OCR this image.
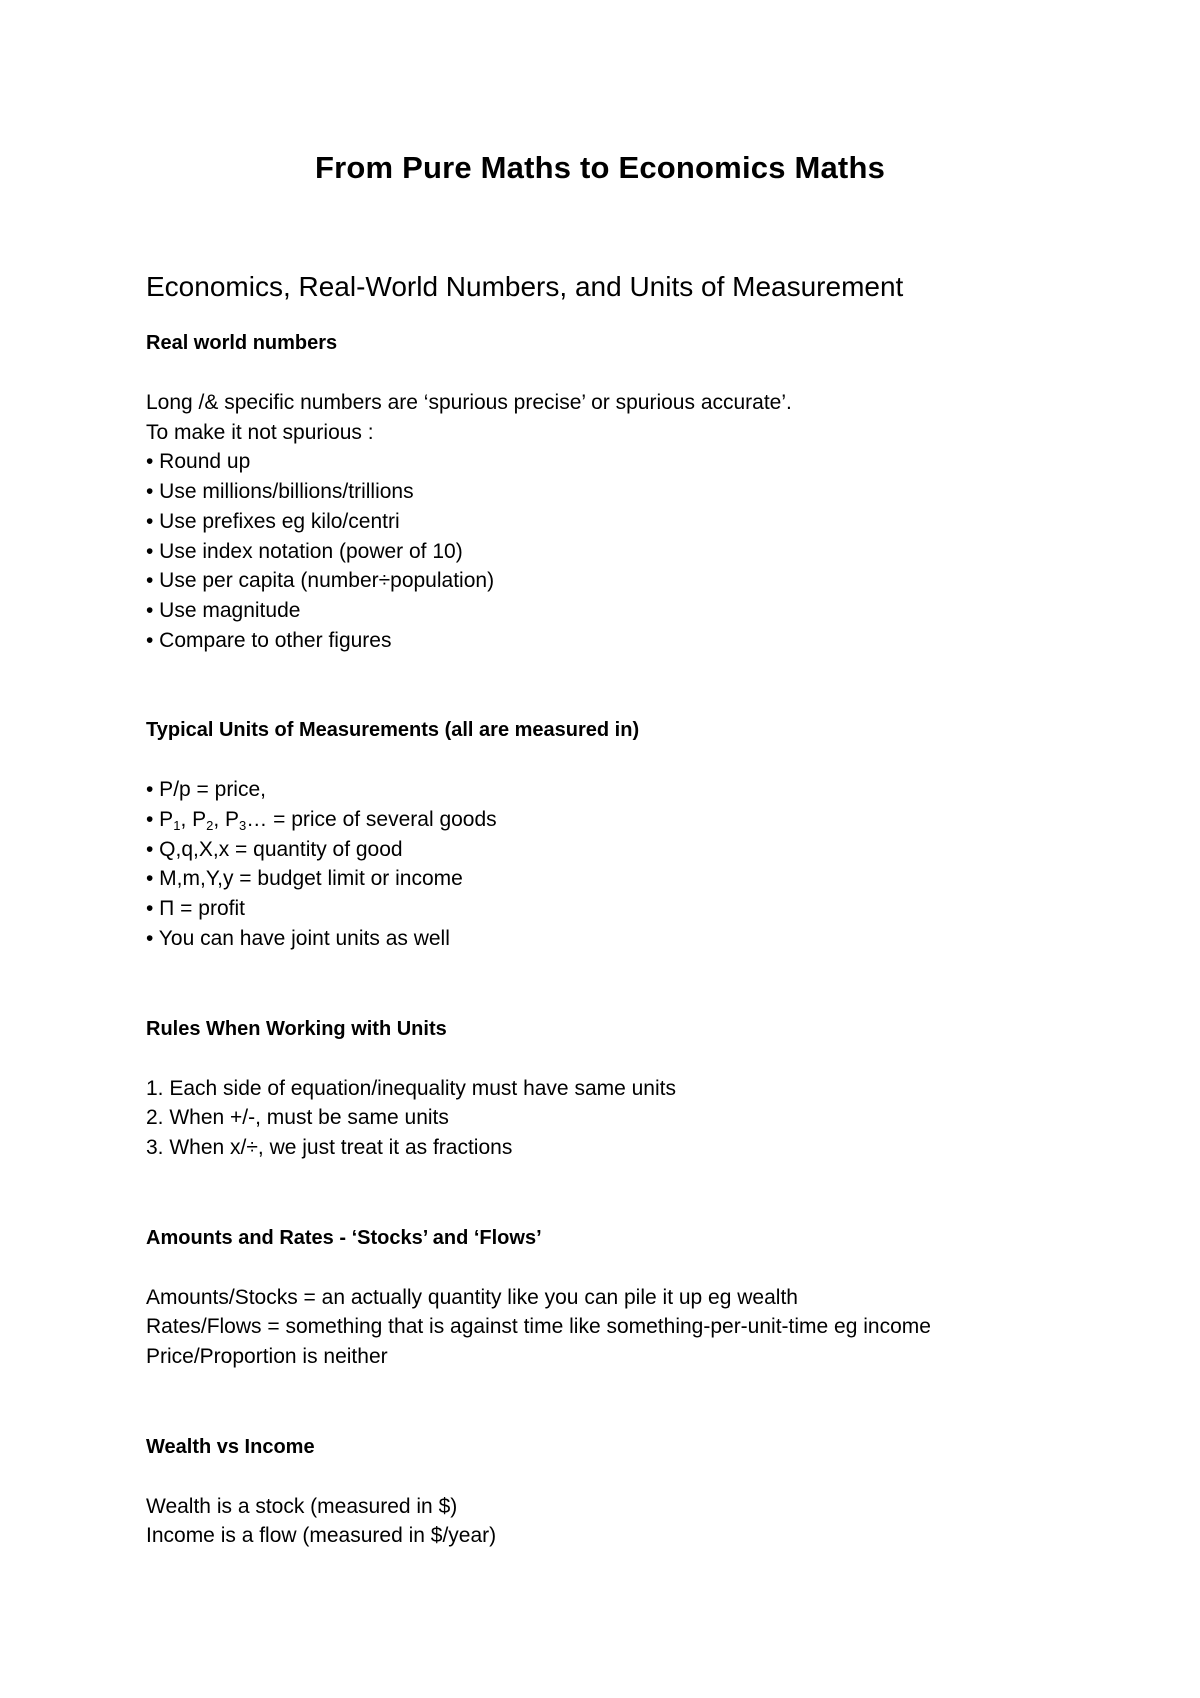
From Pure Maths to Economics Maths
Economics, Real-World Numbers, and Units of Measurement
Real world numbers
Long /& specific numbers are ‘spurious precise’ or spurious accurate’.
To make it not spurious :
• Round up
• Use millions/billions/trillions
• Use prefixes eg kilo/centri
• Use index notation (power of 10)
• Use per capita (number÷population)
• Use magnitude
• Compare to other figures
Typical Units of Measurements (all are measured in)
• P/p = price,
• $P_1$, $P_2$, $P_3\dots$ = price of several goods
• Q,q,X,x = quantity of good
• M,m,Y,y = budget limit or income
• Π = profit
• You can have joint units as well
Rules When Working with Units
1. Each side of equation/inequality must have same units
2. When +/-, must be same units
3. When x/÷, we just treat it as fractions
Amounts and Rates - ‘Stocks’ and ‘Flows’
Amounts/Stocks = an actually quantity like you can pile it up eg wealth
Rates/Flows = something that is against time like something-per-unit-time eg income
Price/Proportion is neither
Wealth vs Income
Wealth is a stock (measured in $)
Income is a flow (measured in $/year)
